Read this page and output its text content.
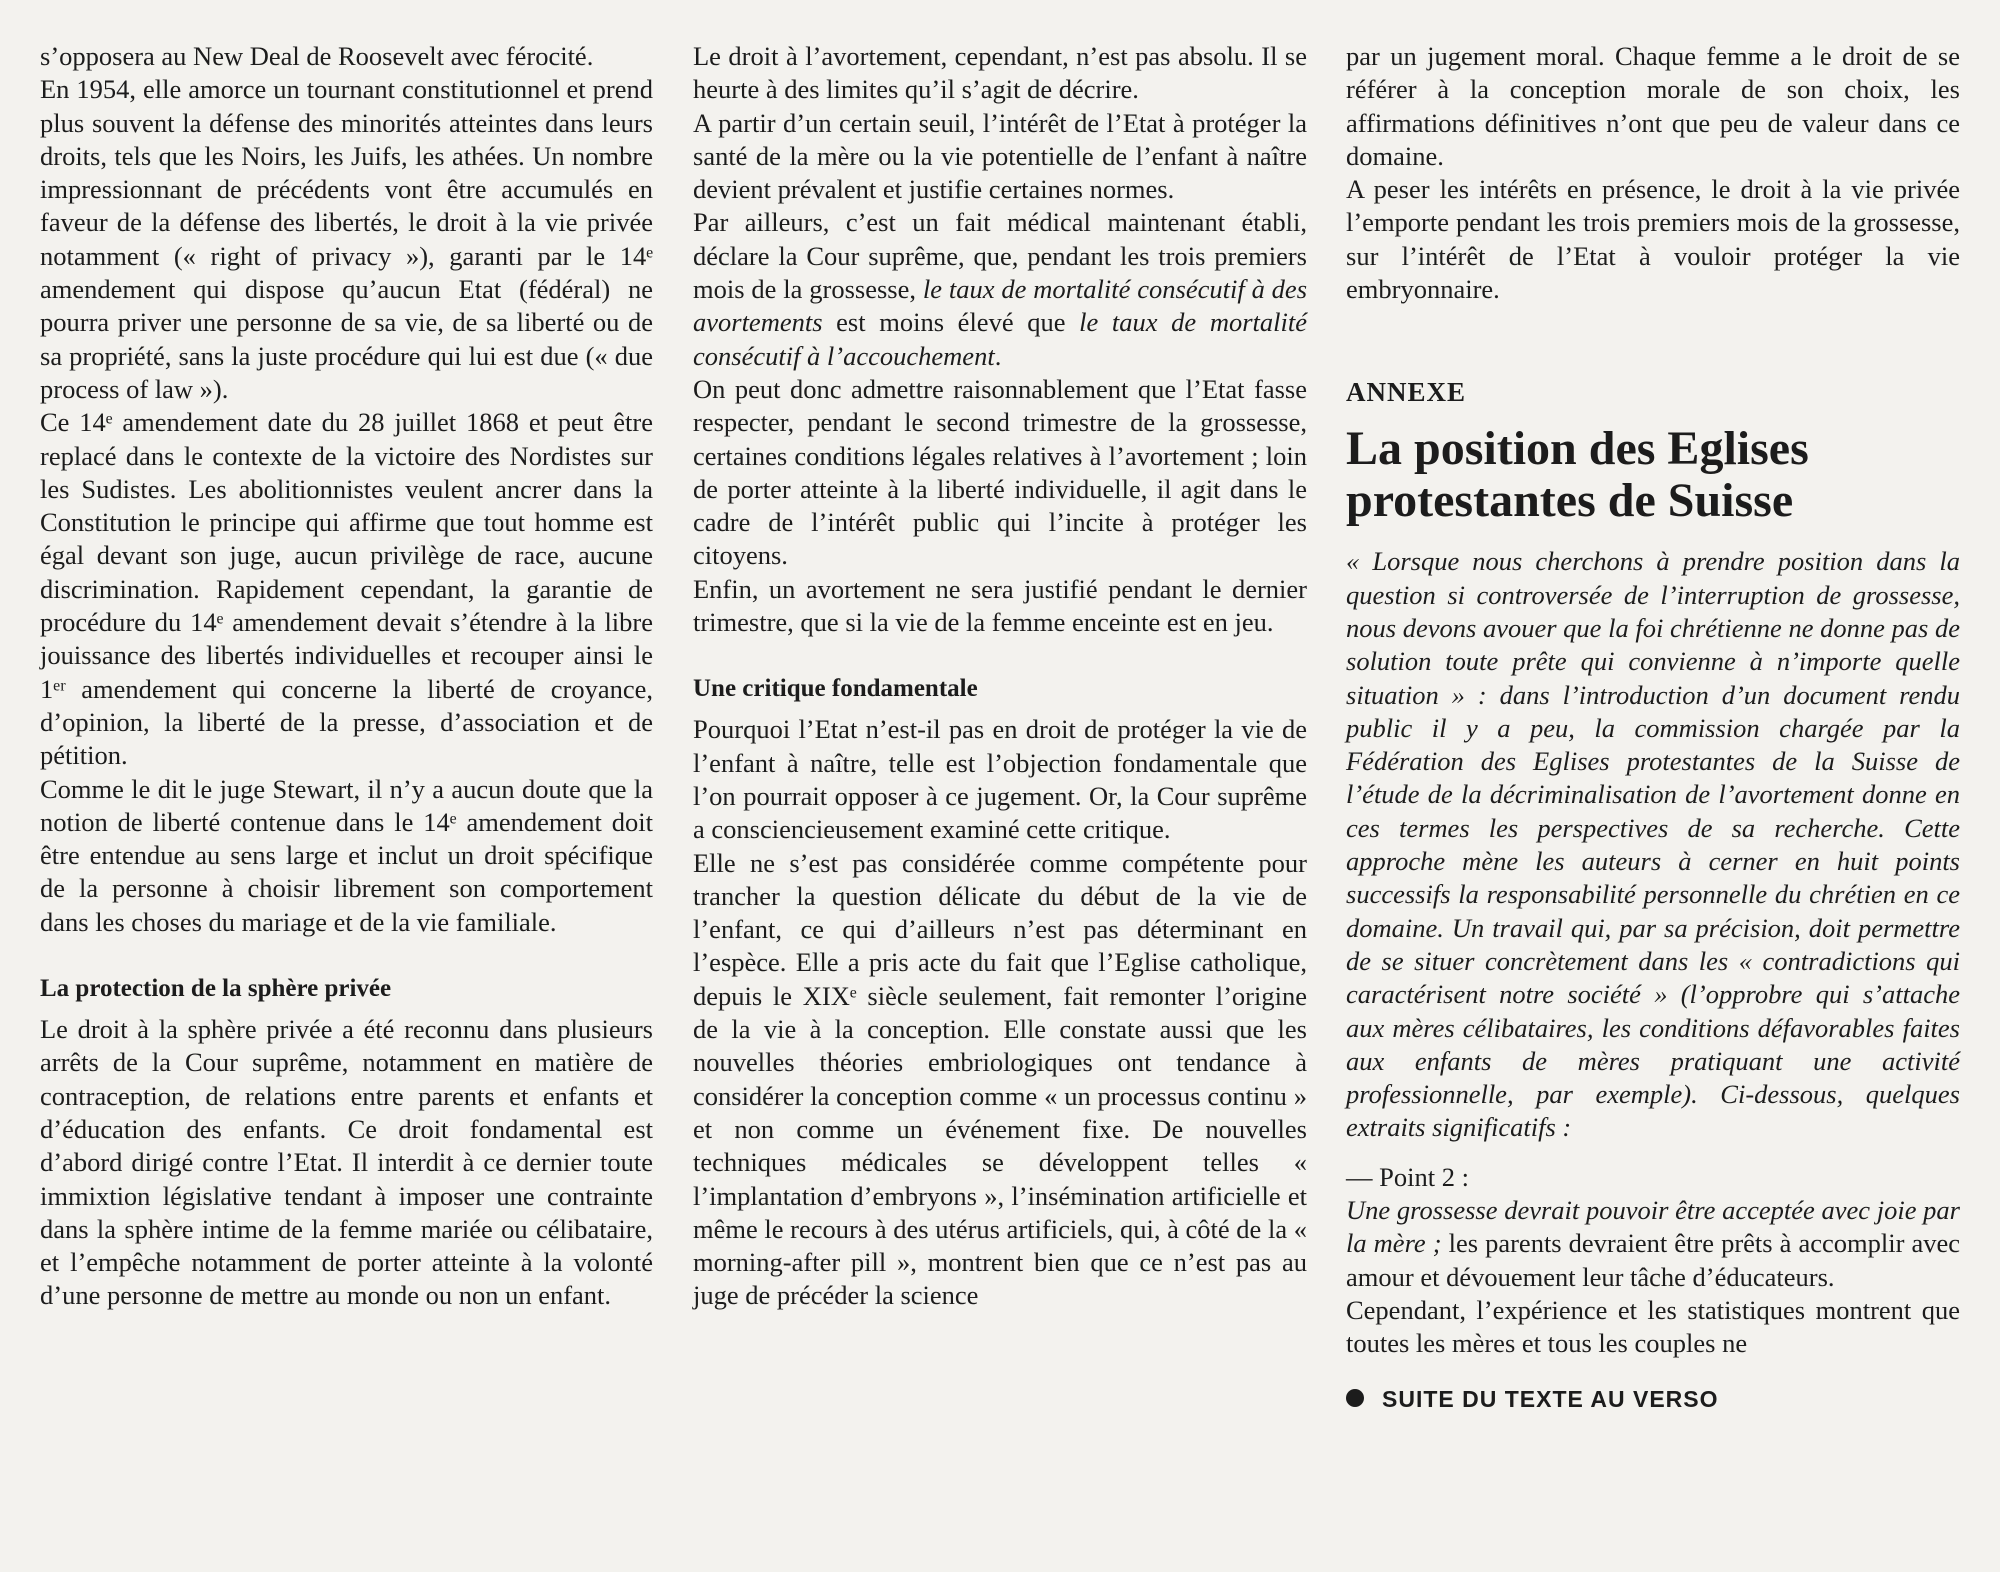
s’opposera au New Deal de Roosevelt avec férocité.

En 1954, elle amorce un tournant constitutionnel et prend plus souvent la défense des minorités atteintes dans leurs droits, tels que les Noirs, les Juifs, les athées. Un nombre impressionnant de précédents vont être accumulés en faveur de la défense des libertés, le droit à la vie privée notamment (« right of privacy »), garanti par le 14ᵉ amendement qui dispose qu’aucun Etat (fédéral) ne pourra priver une personne de sa vie, de sa liberté ou de sa propriété, sans la juste procédure qui lui est due (« due process of law »).

Ce 14ᵉ amendement date du 28 juillet 1868 et peut être replacé dans le contexte de la victoire des Nordistes sur les Sudistes. Les abolitionnistes veulent ancrer dans la Constitution le principe qui affirme que tout homme est égal devant son juge, aucun privilège de race, aucune discrimination. Rapidement cependant, la garantie de procédure du 14ᵉ amendement devait s’étendre à la libre jouissance des libertés individuelles et recouper ainsi le 1ᵉʳ amendement qui concerne la liberté de croyance, d’opinion, la liberté de la presse, d’association et de pétition.

Comme le dit le juge Stewart, il n’y a aucun doute que la notion de liberté contenue dans le 14ᵉ amendement doit être entendue au sens large et inclut un droit spécifique de la personne à choisir librement son comportement dans les choses du mariage et de la vie familiale.

La protection de la sphère privée

Le droit à la sphère privée a été reconnu dans plusieurs arrêts de la Cour suprême, notamment en matière de contraception, de relations entre parents et enfants et d’éducation des enfants. Ce droit fondamental est d’abord dirigé contre l’Etat. Il interdit à ce dernier toute immixtion législative tendant à imposer une contrainte dans la sphère intime de la femme mariée ou célibataire, et l’empêche notamment de porter atteinte à la volonté d’une personne de mettre au monde ou non un enfant.

Le droit à l’avortement, cependant, n’est pas absolu. Il se heurte à des limites qu’il s’agit de décrire.

A partir d’un certain seuil, l’intérêt de l’Etat à protéger la santé de la mère ou la vie potentielle de l’enfant à naître devient prévalent et justifie certaines normes.

Par ailleurs, c’est un fait médical maintenant établi, déclare la Cour suprême, que, pendant les trois premiers mois de la grossesse, le taux de mortalité consécutif à des avortements est moins élevé que le taux de mortalité consécutif à l’accouchement.

On peut donc admettre raisonnablement que l’Etat fasse respecter, pendant le second trimestre de la grossesse, certaines conditions légales relatives à l’avortement ; loin de porter atteinte à la liberté individuelle, il agit dans le cadre de l’intérêt public qui l’incite à protéger les citoyens.

Enfin, un avortement ne sera justifié pendant le dernier trimestre, que si la vie de la femme enceinte est en jeu.

Une critique fondamentale

Pourquoi l’Etat n’est-il pas en droit de protéger la vie de l’enfant à naître, telle est l’objection fondamentale que l’on pourrait opposer à ce jugement. Or, la Cour suprême a consciencieusement examiné cette critique.

Elle ne s’est pas considérée comme compétente pour trancher la question délicate du début de la vie de l’enfant, ce qui d’ailleurs n’est pas déterminant en l’espèce. Elle a pris acte du fait que l’Eglise catholique, depuis le XIXᵉ siècle seulement, fait remonter l’origine de la vie à la conception. Elle constate aussi que les nouvelles théories embriologiques ont tendance à considérer la conception comme « un processus continu » et non comme un événement fixe. De nouvelles techniques médicales se développent telles « l’implantation d’embryons », l’insémination artificielle et même le recours à des utérus artificiels, qui, à côté de la « morning-after pill », montrent bien que ce n’est pas au juge de précéder la science

par un jugement moral. Chaque femme a le droit de se référer à la conception morale de son choix, les affirmations définitives n’ont que peu de valeur dans ce domaine.

A peser les intérêts en présence, le droit à la vie privée l’emporte pendant les trois premiers mois de la grossesse, sur l’intérêt de l’Etat à vouloir protéger la vie embryonnaire.

ANNEXE
La position des Eglises protestantes de Suisse

« Lorsque nous cherchons à prendre position dans la question si controversée de l’interruption de grossesse, nous devons avouer que la foi chrétienne ne donne pas de solution toute prête qui convienne à n’importe quelle situation » : dans l’introduction d’un document rendu public il y a peu, la commission chargée par la Fédération des Eglises protestantes de la Suisse de l’étude de la décriminalisation de l’avortement donne en ces termes les perspectives de sa recherche. Cette approche mène les auteurs à cerner en huit points successifs la responsabilité personnelle du chrétien en ce domaine. Un travail qui, par sa précision, doit permettre de se situer concrètement dans les « contradictions qui caractérisent notre société » (l’opprobre qui s’attache aux mères célibataires, les conditions défavorables faites aux enfants de mères pratiquant une activité professionnelle, par exemple). Ci-dessous, quelques extraits significatifs :

— Point 2 :

Une grossesse devrait pouvoir être acceptée avec joie par la mère ; les parents devraient être prêts à accomplir avec amour et dévouement leur tâche d’éducateurs.

Cependant, l’expérience et les statistiques montrent que toutes les mères et tous les couples ne

SUITE DU TEXTE AU VERSO
